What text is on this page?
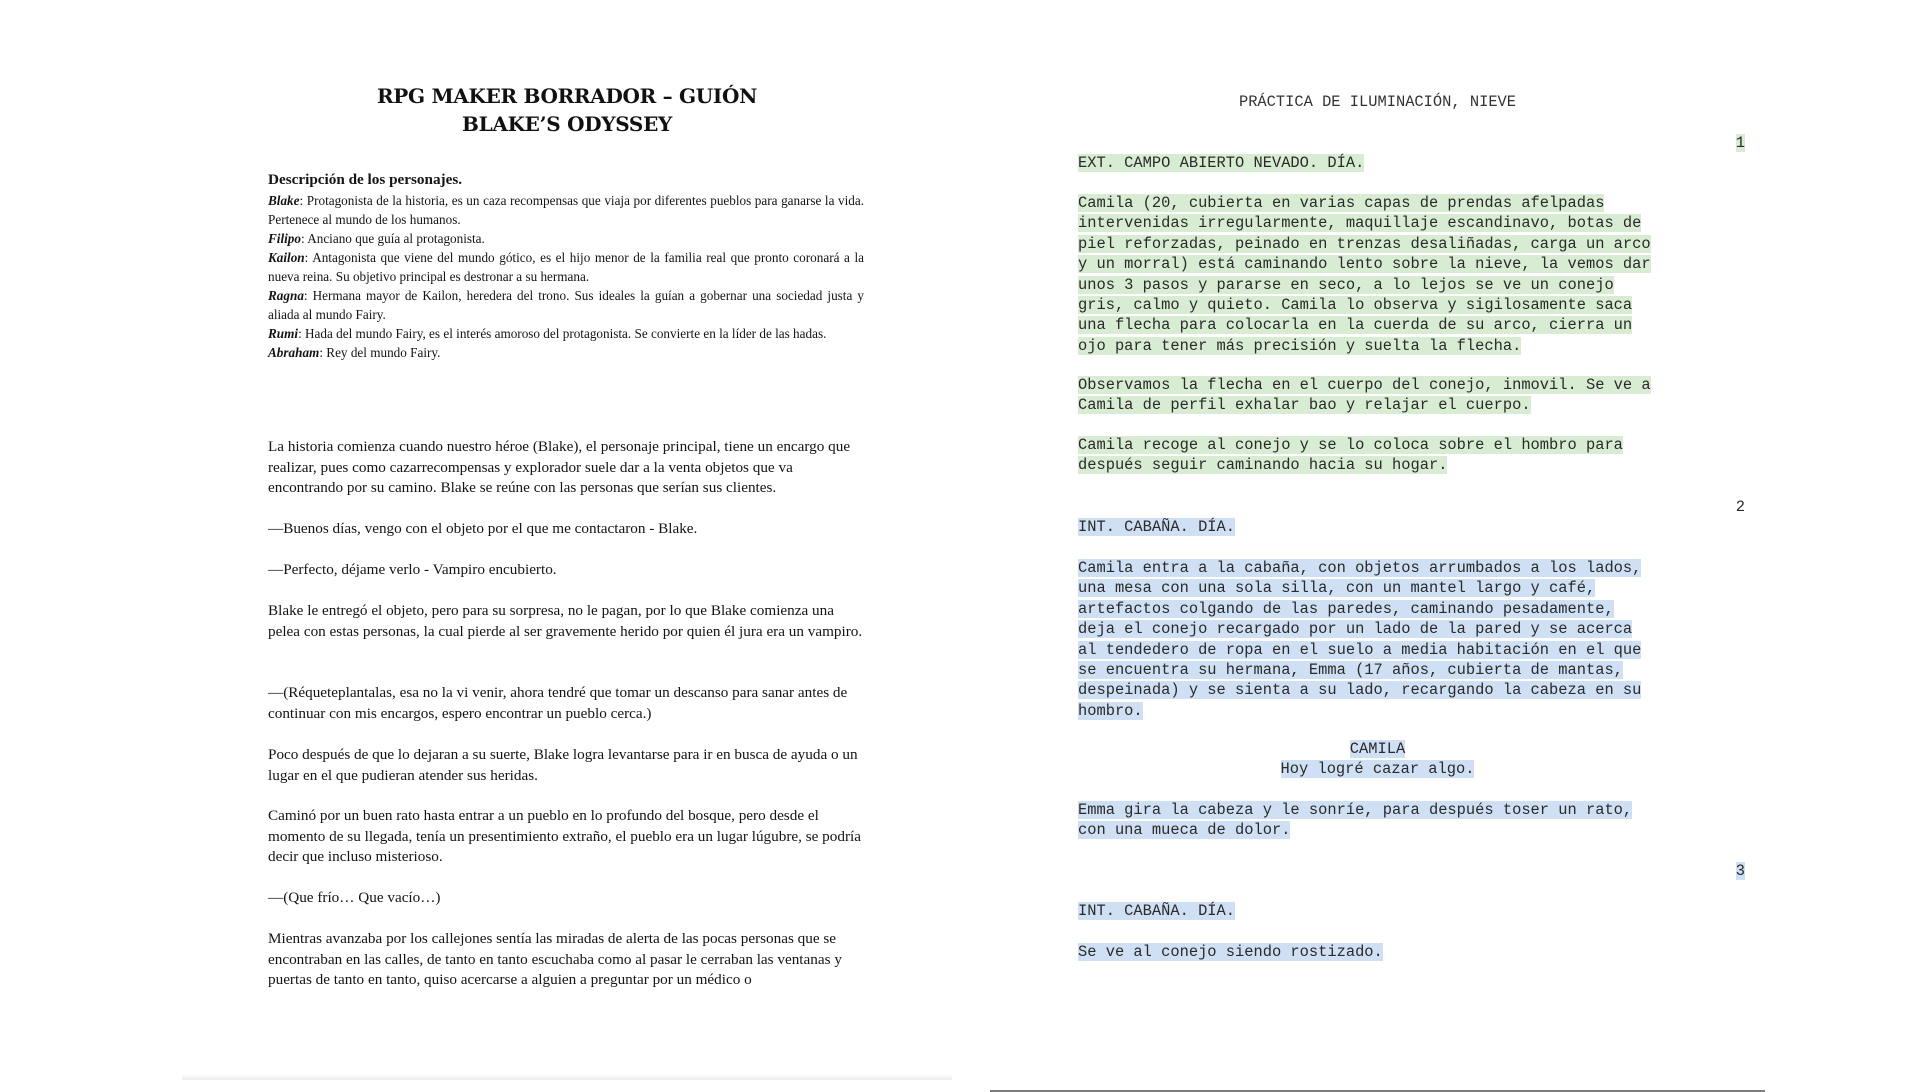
RPG MAKER BORRADOR – GUIÓN
BLAKE’S ODYSSEY
Descripción de los personajes.
Blake: Protagonista de la historia, es un caza recompensas que viaja por diferentes pueblos para ganarse la vida. Pertenece al mundo de los humanos.
Filipo: Anciano que guía al protagonista.
Kailon: Antagonista que viene del mundo gótico, es el hijo menor de la familia real que pronto coronará a la nueva reina. Su objetivo principal es destronar a su hermana.
Ragna: Hermana mayor de Kailon, heredera del trono. Sus ideales la guían a gobernar una sociedad justa y aliada al mundo Fairy.
Rumi: Hada del mundo Fairy, es el interés amoroso del protagonista. Se convierte en la líder de las hadas.
Abraham: Rey del mundo Fairy.
La historia comienza cuando nuestro héroe (Blake), el personaje principal, tiene un encargo que realizar, pues como cazarrecompensas y explorador suele dar a la venta objetos que va encontrando por su camino. Blake se reúne con las personas que serían sus clientes.
—Buenos días, vengo con el objeto por el que me contactaron - Blake.
—Perfecto, déjame verlo - Vampiro encubierto.
Blake le entregó el objeto, pero para su sorpresa, no le pagan, por lo que Blake comienza una pelea con estas personas, la cual pierde al ser gravemente herido por quien él jura era un vampiro.
—(Réqueteplantalas, esa no la vi venir, ahora tendré que tomar un descanso para sanar antes de continuar con mis encargos, espero encontrar un pueblo cerca.)
Poco después de que lo dejaran a su suerte, Blake logra levantarse para ir en busca de ayuda o un lugar en el que pudieran atender sus heridas.
Caminó por un buen rato hasta entrar a un pueblo en lo profundo del bosque, pero desde el momento de su llegada, tenía un presentimiento extraño, el pueblo era un lugar lúgubre, se podría decir que incluso misterioso.
—(Que frío… Que vacío…)
Mientras avanzaba por los callejones sentía las miradas de alerta de las pocas personas que se encontraban en las calles, de tanto en tanto escuchaba como al pasar le cerraban las ventanas y puertas de tanto en tanto, quiso acercarse a alguien a preguntar por un médico o
PRÁCTICA DE ILUMINACIÓN, NIEVE
1
EXT. CAMPO ABIERTO NEVADO. DÍA.
Camila (20, cubierta en varias capas de prendas afelpadas
intervenidas irregularmente, maquillaje escandinavo, botas de
piel reforzadas, peinado en trenzas desaliñadas, carga un arco
y un morral) está caminando lento sobre la nieve, la vemos dar
unos 3 pasos y pararse en seco, a lo lejos se ve un conejo
gris, calmo y quieto. Camila lo observa y sigilosamente saca
una flecha para colocarla en la cuerda de su arco, cierra un
ojo para tener más precisión y suelta la flecha.
Observamos la flecha en el cuerpo del conejo, inmovil. Se ve a
Camila de perfil exhalar bao y relajar el cuerpo.
Camila recoge al conejo y se lo coloca sobre el hombro para
después seguir caminando hacia su hogar.
2
INT. CABAÑA. DÍA.
Camila entra a la cabaña, con objetos arrumbados a los lados,
una mesa con una sola silla, con un mantel largo y café,
artefactos colgando de las paredes, caminando pesadamente,
deja el conejo recargado por un lado de la pared y se acerca
al tendedero de ropa en el suelo a media habitación en el que
se encuentra su hermana, Emma (17 años, cubierta de mantas,
despeinada) y se sienta a su lado, recargando la cabeza en su
hombro.
CAMILA
Hoy logré cazar algo.
Emma gira la cabeza y le sonríe, para después toser un rato,
con una mueca de dolor.
3
INT. CABAÑA. DÍA.
Se ve al conejo siendo rostizado.
